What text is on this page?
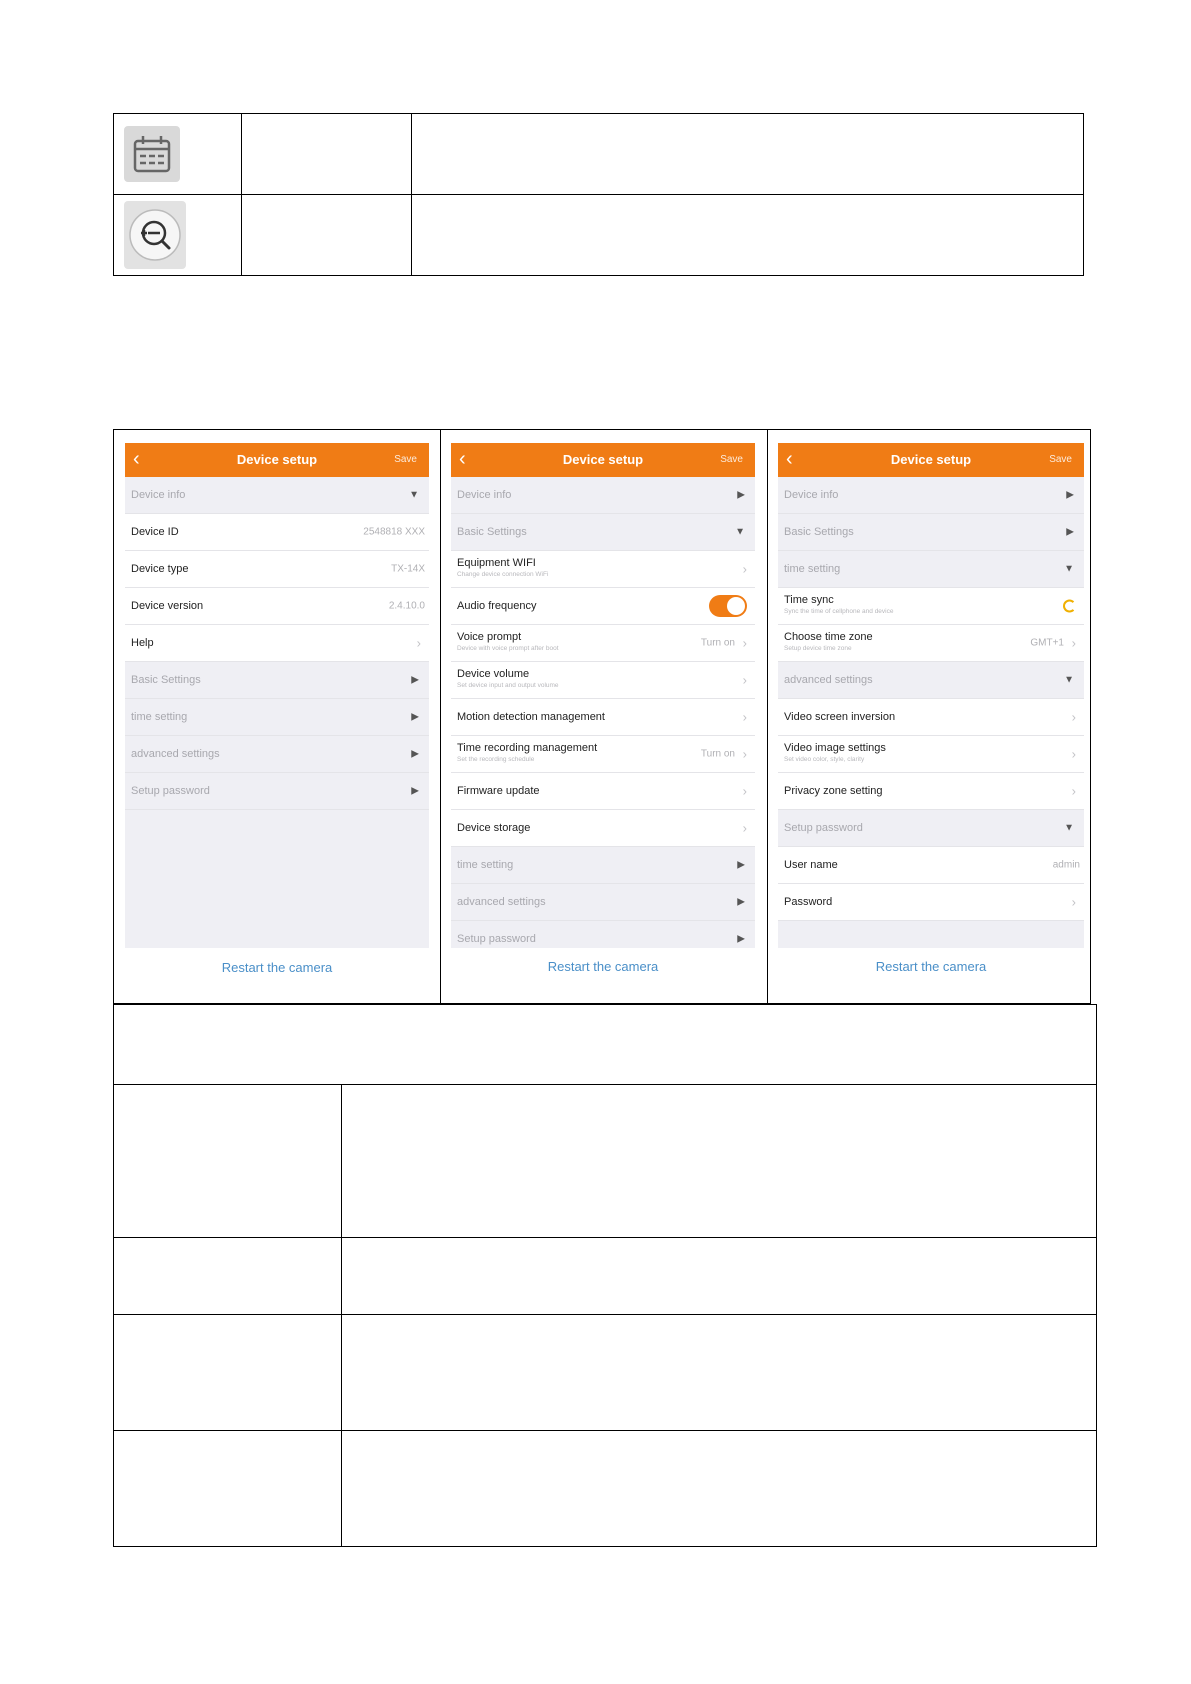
‹	Device setup	Save
Device info	▼
Device ID	2548818 XXX
Device type	TX-14X
Device version	2.4.10.0
Help	›
Basic Settings	▶
time setting	▶
advanced settings	▶
Setup password	▶
Restart the camera
‹	Device setup	Save
Device info	▶
Basic Settings	▼
Equipment WIFI
Change device connection WiFi	›
Audio frequency
Voice prompt
Device with voice prompt after boot	Turn on ›
Device volume
Set device input and output volume	›
Motion detection management	›
Time recording management
Set the recording schedule	Turn on ›
Firmware update	›
Device storage	›
time setting	▶
advanced settings	▶
Setup password	▶
Restart the camera
‹	Device setup	Save
Device info	▶
Basic Settings	▶
time setting	▼
Time sync
Sync the time of cellphone and device
Choose time zone
Setup device time zone	GMT+1 ›
advanced settings	▼
Video screen inversion	›
Video image settings
Set video color, style, clarity	›
Privacy zone setting	›
Setup password	▼
User name	admin
Password	›
Restart the camera
